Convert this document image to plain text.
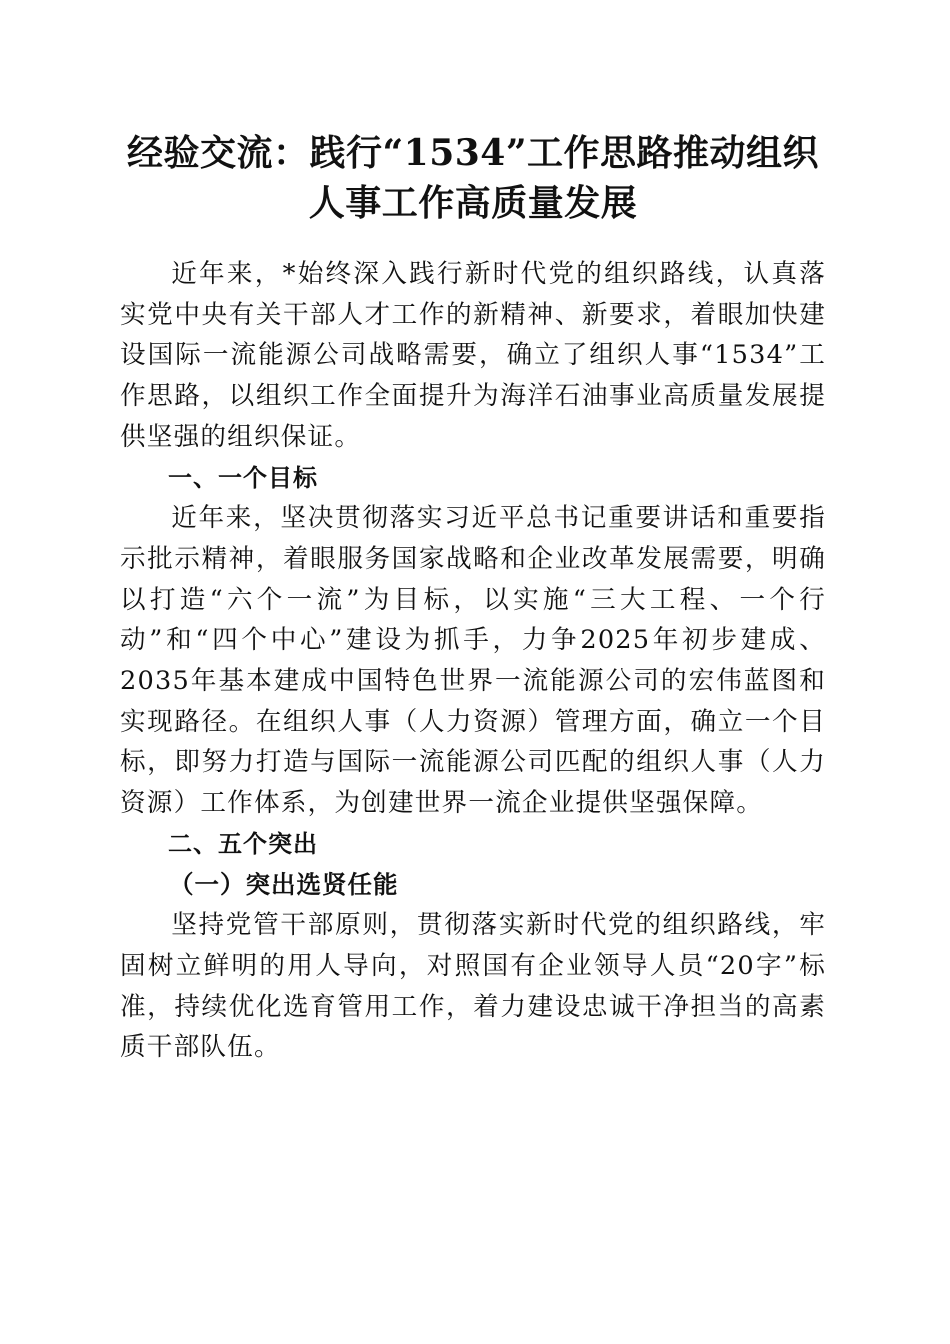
经验交流：践行“1534”工作思路推动组织人事工作高质量发展

近年来，*始终深入践行新时代党的组织路线，认真落实党中央有关干部人才工作的新精神、新要求，着眼加快建设国际一流能源公司战略需要，确立了组织人事“1534”工作思路，以组织工作全面提升为海洋石油事业高质量发展提供坚强的组织保证。

一、一个目标

近年来，坚决贯彻落实习近平总书记重要讲话和重要指示批示精神，着眼服务国家战略和企业改革发展需要，明确以打造“六个一流”为目标，以实施“三大工程、一个行动”和“四个中心”建设为抓手，力争2025年初步建成、2035年基本建成中国特色世界一流能源公司的宏伟蓝图和实现路径。在组织人事（人力资源）管理方面，确立一个目标，即努力打造与国际一流能源公司匹配的组织人事（人力资源）工作体系，为创建世界一流企业提供坚强保障。

二、五个突出
（一）突出选贤任能

坚持党管干部原则，贯彻落实新时代党的组织路线，牢固树立鲜明的用人导向，对照国有企业领导人员“20字”标准，持续优化选育管用工作，着力建设忠诚干净担当的高素质干部队伍。
